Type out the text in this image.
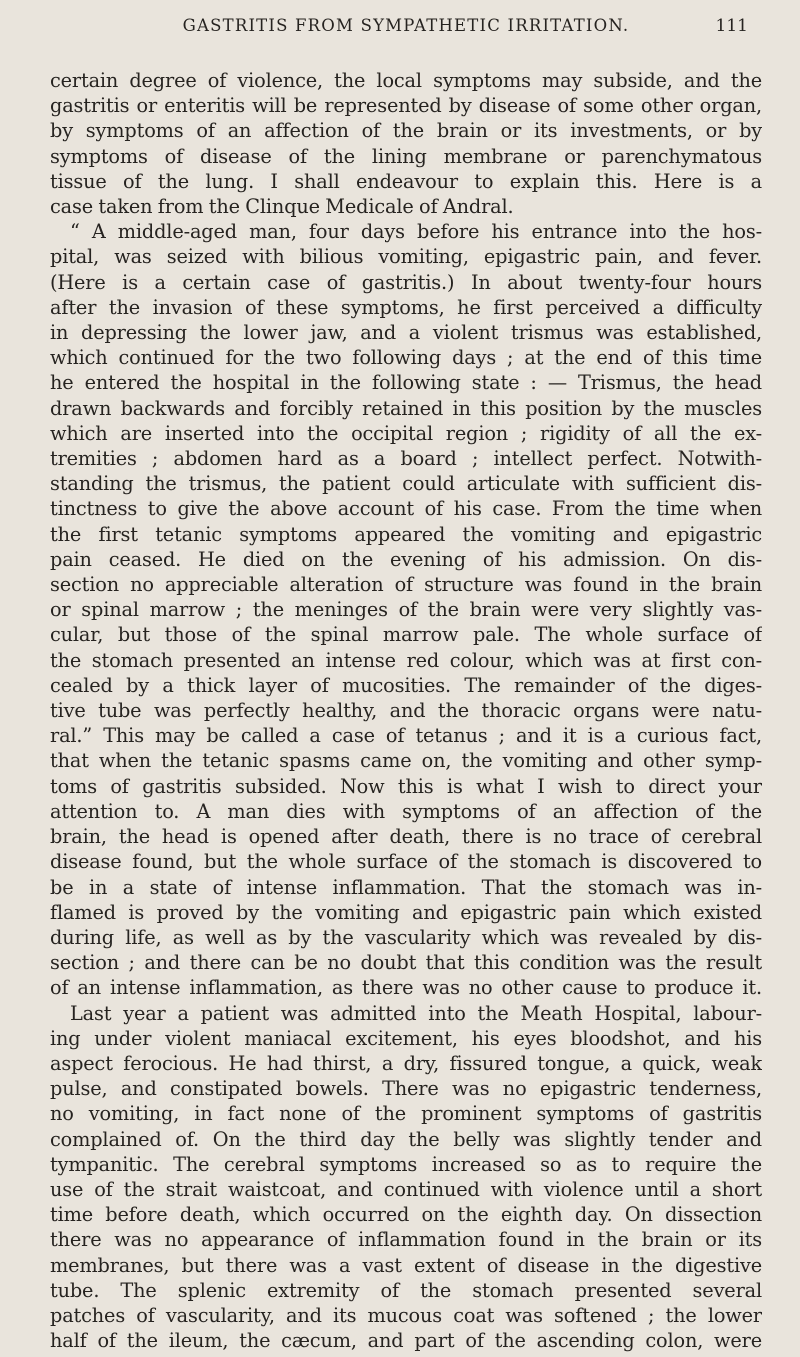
GASTRITIS FROM SYMPATHETIC IRRITATION.	111
certain degree of violence, the local symptoms may subside, and the
gastritis or enteritis will be represented by disease of some other organ,
by symptoms of an affection of the brain or its investments, or by
symptoms of disease of the lining membrane or parenchymatous
tissue of the lung. I shall endeavour to explain this. Here is a
case taken from the Clinque Medicale of Andral.
“ A middle-aged man, four days before his entrance into the hos-
pital, was seized with bilious vomiting, epigastric pain, and fever.
(Here is a certain case of gastritis.) In about twenty-four hours
after the invasion of these symptoms, he first perceived a difficulty
in depressing the lower jaw, and a violent trismus was established,
which continued for the two following days ; at the end of this time
he entered the hospital in the following state : — Trismus, the head
drawn backwards and forcibly retained in this position by the muscles
which are inserted into the occipital region ; rigidity of all the ex-
tremities ; abdomen hard as a board ; intellect perfect. Notwith-
standing the trismus, the patient could articulate with sufficient dis-
tinctness to give the above account of his case. From the time when
the first tetanic symptoms appeared the vomiting and epigastric
pain ceased. He died on the evening of his admission. On dis-
section no appreciable alteration of structure was found in the brain
or spinal marrow ; the meninges of the brain were very slightly vas-
cular, but those of the spinal marrow pale. The whole surface of
the stomach presented an intense red colour, which was at first con-
cealed by a thick layer of mucosities. The remainder of the diges-
tive tube was perfectly healthy, and the thoracic organs were natu-
ral.” This may be called a case of tetanus ; and it is a curious fact,
that when the tetanic spasms came on, the vomiting and other symp-
toms of gastritis subsided. Now this is what I wish to direct your
attention to. A man dies with symptoms of an affection of the
brain, the head is opened after death, there is no trace of cerebral
disease found, but the whole surface of the stomach is discovered to
be in a state of intense inflammation. That the stomach was in-
flamed is proved by the vomiting and epigastric pain which existed
during life, as well as by the vascularity which was revealed by dis-
section ; and there can be no doubt that this condition was the result
of an intense inflammation, as there was no other cause to produce it.
Last year a patient was admitted into the Meath Hospital, labour-
ing under violent maniacal excitement, his eyes bloodshot, and his
aspect ferocious. He had thirst, a dry, fissured tongue, a quick, weak
pulse, and constipated bowels. There was no epigastric tenderness,
no vomiting, in fact none of the prominent symptoms of gastritis
complained of. On the third day the belly was slightly tender and
tympanitic. The cerebral symptoms increased so as to require the
use of the strait waistcoat, and continued with violence until a short
time before death, which occurred on the eighth day. On dissection
there was no appearance of inflammation found in the brain or its
membranes, but there was a vast extent of disease in the digestive
tube. The splenic extremity of the stomach presented several
patches of vascularity, and its mucous coat was softened ; the lower
half of the ileum, the cæcum, and part of the ascending colon, were
